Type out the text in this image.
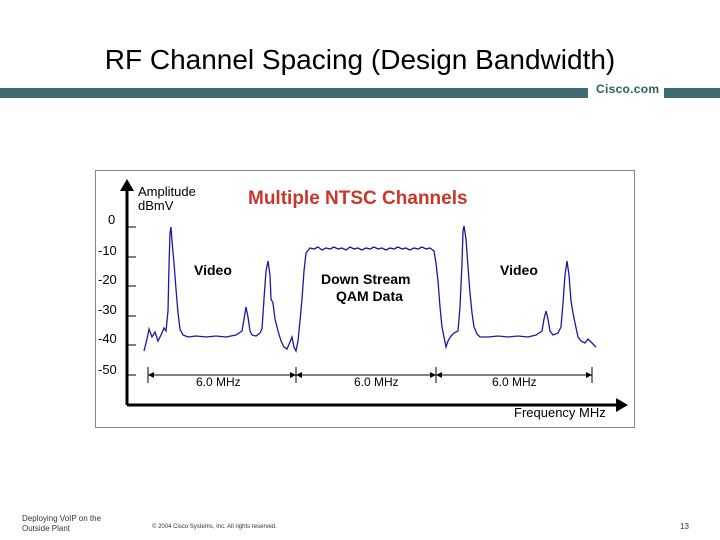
RF Channel Spacing (Design Bandwidth)
Cisco.com
0
-10
-20
-30
-40
-50
Amplitude
dBmV
Frequency MHz
Multiple NTSC Channels
Video
Down Stream
QAM Data
Video
6.0 MHz	6.0 MHz	6.0 MHz
Deploying VoIP on the
Outside Plant	© 2004 Cisco Systems, Inc. All rights reserved.	13
